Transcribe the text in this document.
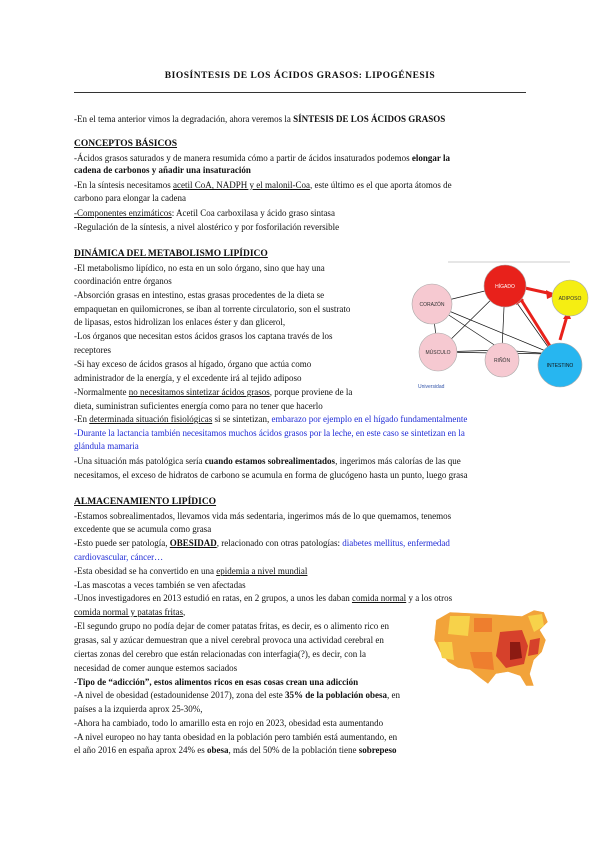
BIOSÍNTESIS DE LOS ÁCIDOS GRASOS: LIPOGÉNESIS
-En el tema anterior vimos la degradación, ahora veremos la SÍNTESIS DE LOS ÁCIDOS GRASOS
CONCEPTOS BÁSICOS
-Ácidos grasos saturados y de manera resumida cómo a partir de ácidos insaturados podemos elongar la
cadena de carbonos y añadir una insaturación
-En la síntesis necesitamos acetil CoA, NADPH y el malonil-Coa, este último es el que aporta átomos de
carbono para elongar la cadena
-Componentes enzimáticos: Acetil Coa carboxilasa y ácido graso sintasa
-Regulación de la síntesis, a nivel alostérico y por fosforilación reversible
DINÁMICA DEL METABOLISMO LIPÍDICO
-El metabolismo lipídico, no esta en un solo órgano, sino que hay una
coordinación entre órganos
-Absorción grasas en intestino, estas grasas procedentes de la dieta se
empaquetan en quilomicrones, se iban al torrente circulatorio, son el sustrato
de lipasas, estos hidrolizan los enlaces éster y dan glicerol,
-Los órganos que necesitan estos ácidos grasos los captana través de los
receptores
-Si hay exceso de ácidos grasos al hígado, órgano que actúa como
administrador de la energía, y el excedente irá al tejido adiposo
-Normalmente no necesitamos sintetizar ácidos grasos, porque proviene de la
dieta, suministran suficientes energía como para no tener que hacerlo
-En determinada situación fisiológicas si se sintetizan, embarazo por ejemplo en el hígado fundamentalmente
-Durante la lactancia también necesitamos muchos ácidos grasos por la leche, en este caso se sintetizan en la
glándula mamaria
-Una situación más patológica sería cuando estamos sobrealimentados, ingerimos más calorías de las que
necesitamos, el exceso de hidratos de carbono se acumula en forma de glucógeno hasta un punto, luego grasa
HÍGADO
ADIPOSO
CORAZÓN
MÚSCULO
RIÑÓN
INTESTINO
Universidad
ALMACENAMIENTO LIPÍDICO
-Estamos sobrealimentados, llevamos vida más sedentaria, ingerimos más de lo que quemamos, tenemos
excedente que se acumula como grasa
-Esto puede ser patología, OBESIDAD, relacionado con otras patologías: diabetes mellitus, enfermedad
cardiovascular, cáncer…
-Esta obesidad se ha convertido en una epidemia a nivel mundial
-Las mascotas a veces también se ven afectadas
-Unos investigadores en 2013 estudió en ratas, en 2 grupos, a unos les daban comida normal y a los otros
comida normal y patatas fritas,
-El segundo grupo no podía dejar de comer patatas fritas, es decir, es o alimento rico en
grasas, sal y azúcar demuestran que a nivel cerebral provoca una actividad cerebral en
ciertas zonas del cerebro que están relacionadas con interfagia(?), es decir, con la
necesidad de comer aunque estemos saciados
-Tipo de “adicción”, estos alimentos ricos en esas cosas crean una adicción
-A nivel de obesidad (estadounidense 2017), zona del este 35% de la población obesa, en
países a la izquierda aprox 25-30%,
-Ahora ha cambiado, todo lo amarillo esta en rojo en 2023, obesidad esta aumentando
-A nivel europeo no hay tanta obesidad en la población pero también está aumentando, en
el año 2016 en españa aprox 24% es obesa, más del 50% de la población tiene sobrepeso
